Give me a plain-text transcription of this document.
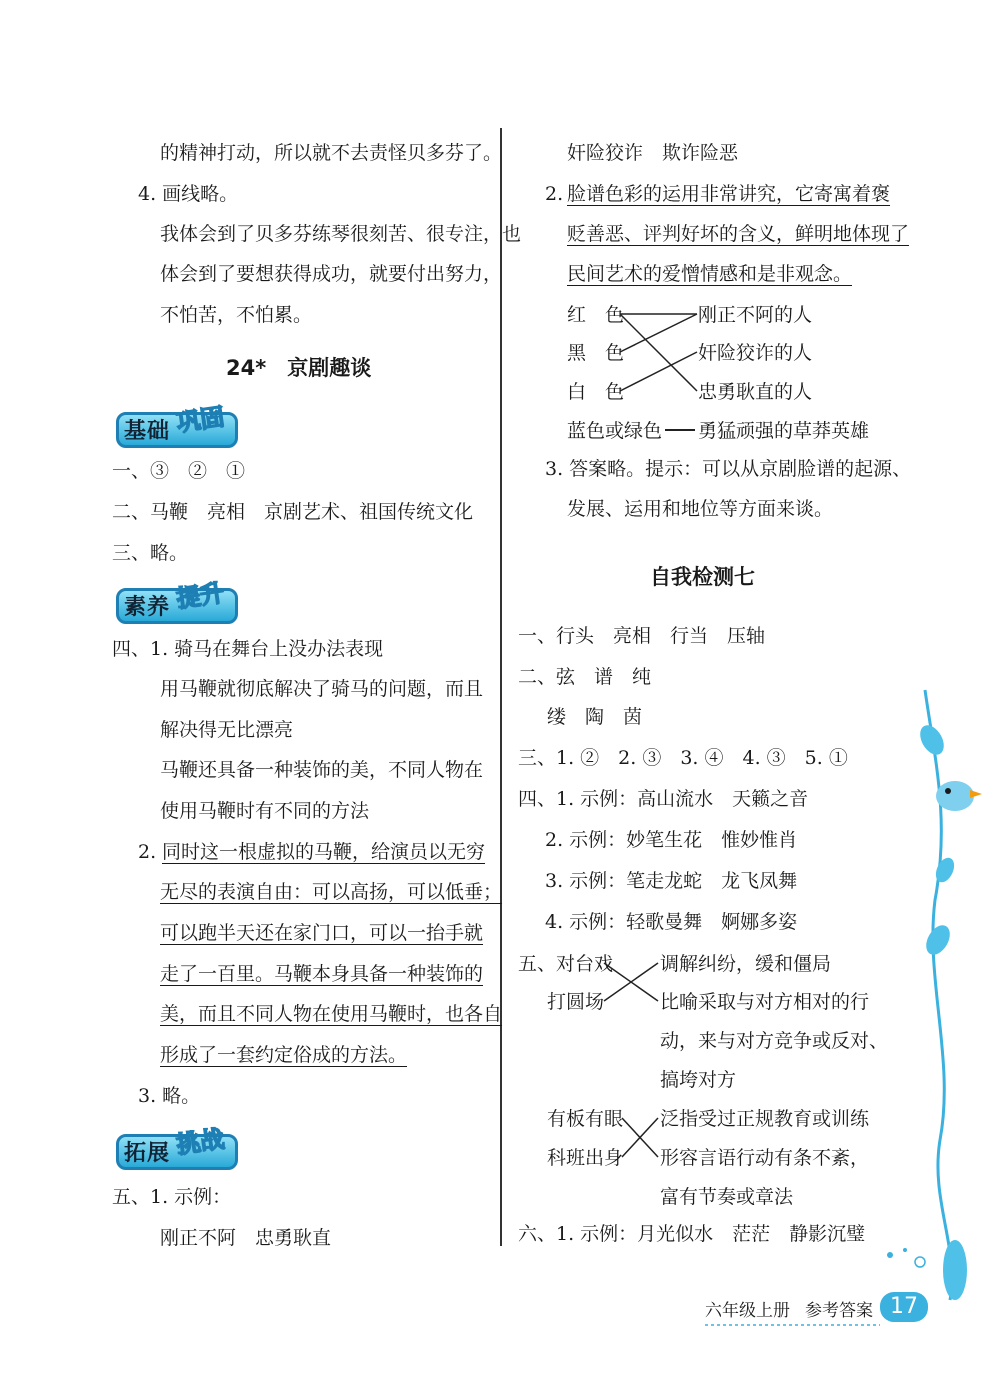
的精神打动，所以就不去责怪贝多芬了。
4. 画线略。
我体会到了贝多芬练琴很刻苦、很专注，也
体会到了要想获得成功，就要付出努力，
不怕苦，不怕累。
24*　京剧趣谈
基础 巩固
一、③　②　①
二、马鞭　亮相　京剧艺术、祖国传统文化
三、略。
素养 提升
四、1. 骑马在舞台上没办法表现
用马鞭就彻底解决了骑马的问题，而且
解决得无比漂亮
马鞭还具备一种装饰的美，不同人物在
使用马鞭时有不同的方法
2. 同时这一根虚拟的马鞭，给演员以无穷
无尽的表演自由：可以高扬，可以低垂；
可以跑半天还在家门口，可以一抬手就
走了一百里。马鞭本身具备一种装饰的
美，而且不同人物在使用马鞭时，也各自
形成了一套约定俗成的方法。
3. 略。
拓展 挑战
五、1. 示例：
刚正不阿　忠勇耿直
奸险狡诈　欺诈险恶
2. 脸谱色彩的运用非常讲究，它寄寓着褒
贬善恶、评判好坏的含义，鲜明地体现了
民间艺术的爱憎情感和是非观念。
红　色
黑　色
白　色
刚正不阿的人
奸险狡诈的人
忠勇耿直的人
蓝色或绿色 勇猛顽强的草莽英雄
3. 答案略。提示：可以从京剧脸谱的起源、
发展、运用和地位等方面来谈。
自我检测七
一、行头　亮相　行当　压轴
二、弦　谱　纯
缕　陶　茵
三、1. ②　2. ③　3. ④　4. ③　5. ①
四、1. 示例：高山流水　天籁之音
2. 示例：妙笔生花　惟妙惟肖
3. 示例：笔走龙蛇　龙飞凤舞
4. 示例：轻歌曼舞　婀娜多姿
五、对台戏
打圆场
调解纠纷，缓和僵局
比喻采取与对方相对的行
动，来与对方竞争或反对、
搞垮对方
有板有眼
科班出身
泛指受过正规教育或训练
形容言语行动有条不紊，
富有节奏或章法
六、1. 示例：月光似水　茫茫　静影沉璧
六年级上册 参考答案 17
